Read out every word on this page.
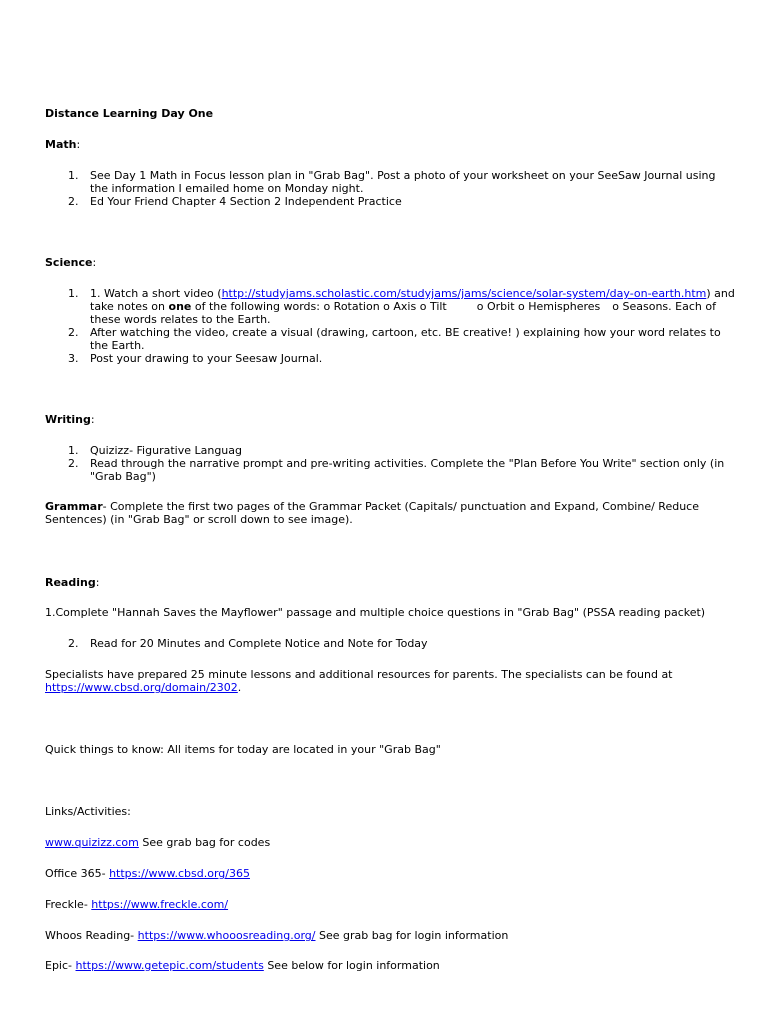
Distance Learning Day One
Math:
1. See Day 1 Math in Focus lesson plan in "Grab Bag". Post a photo of your worksheet on your SeeSaw Journal using the information I emailed home on Monday night.
2. Ed Your Friend Chapter 4 Section 2 Independent Practice
Science:
1. 1. Watch a short video (http://studyjams.scholastic.com/studyjams/jams/science/solar-system/day-on-earth.htm) and take notes on one of the following words: o Rotation o Axis o Tilt	o Orbit o Hemispheres o Seasons. Each of these words relates to the Earth.
2. After watching the video, create a visual (drawing, cartoon, etc. BE creative! ) explaining how your word relates to the Earth.
3. Post your drawing to your Seesaw Journal.
Writing:
1. Quizizz- Figurative Languag
2. Read through the narrative prompt and pre-writing activities. Complete the "Plan Before You Write" section only (in "Grab Bag")
Grammar- Complete the first two pages of the Grammar Packet (Capitals/ punctuation and Expand, Combine/ Reduce Sentences) (in "Grab Bag" or scroll down to see image).
Reading:
1.Complete "Hannah Saves the Mayflower" passage and multiple choice questions in "Grab Bag" (PSSA reading packet)
2. Read for 20 Minutes and Complete Notice and Note for Today
Specialists have prepared 25 minute lessons and additional resources for parents. The specialists can be found at https://www.cbsd.org/domain/2302.
Quick things to know: All items for today are located in your "Grab Bag"
Links/Activities:
www.quizizz.com See grab bag for codes
Office 365- https://www.cbsd.org/365
Freckle- https://www.freckle.com/
Whoos Reading- https://www.whooosreading.org/ See grab bag for login information
Epic- https://www.getepic.com/students See below for login information
